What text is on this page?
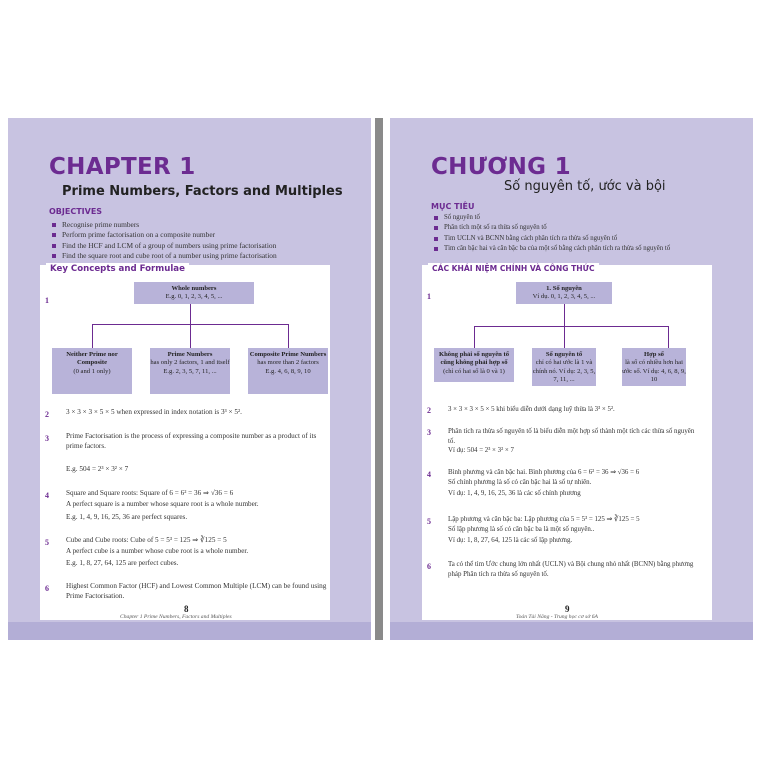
CHAPTER 1
Prime Numbers, Factors and Multiples
OBJECTIVES
Recognise prime numbers
Perform prime factorisation on a composite number
Find the HCF and LCM of a group of numbers using prime factorisation
Find the square root and cube root of a number using prime factorisation
Key Concepts and Formulae
1
Whole numbers
E.g. 0, 1, 2, 3, 4, 5, ...
Neither Prime nor Composite
(0 and 1 only)
Prime Numbers
has only 2 factors, 1 and itself
E.g. 2, 3, 5, 7, 11, ...
Composite Prime Numbers
has more than 2 factors
E.g. 4, 6, 8, 9, 10
2 3 × 3 × 3 × 5 × 5 when expressed in index notation is 3³ × 5².
3 Prime Factorisation is the process of expressing a composite number as a product of its prime factors.
E.g. 504 = 2³ × 3² × 7
4 Square and Square roots: Square of 6 = 6² = 36 ⇒ √36 = 6
A perfect square is a number whose square root is a whole number.
E.g. 1, 4, 9, 16, 25, 36 are perfect squares.
5 Cube and Cube roots: Cube of 5 = 5³ = 125 ⇒ ∛125 = 5
A perfect cube is a number whose cube root is a whole number.
E.g. 1, 8, 27, 64, 125 are perfect cubes.
6 Highest Common Factor (HCF) and Lowest Common Multiple (LCM) can be found using Prime Factorisation.
8
Chapter 1 Prime Numbers, Factors and Multiples
CHƯƠNG 1
Số nguyên tố, ước và bội
MỤC TIÊU
Số nguyên tố
Phân tích một số ra thừa số nguyên tố
Tìm UCLN và BCNN bằng cách phân tích ra thừa số nguyên tố
Tìm căn bậc hai và căn bậc ba của một số bằng cách phân tích ra thừa số nguyên tố
CÁC KHÁI NIỆM CHÍNH VÀ CÔNG THỨC
1
1. Số nguyên
Ví dụ. 0, 1, 2, 3, 4, 5, ...
Không phải số nguyên tố cũng không phải hợp số
(chỉ có hai số là 0 và 1)
Số nguyên tố
chỉ có hai ước là 1 và chính nó. Ví dụ: 2, 3, 5, 7, 11, ...
Hợp số
là số có nhiều hơn hai ước số. Ví dụ: 4, 6, 8, 9, 10
2 3 × 3 × 3 × 5 × 5 khi biểu diễn dưới dạng luỹ thừa là 3³ × 5².
3 Phân tích ra thừa số nguyên tố là biểu diễn một hợp số thành một tích các thừa số nguyên tố.
Ví dụ: 504 = 2³ × 3² × 7
4 Bình phương và căn bậc hai. Bình phương của 6 = 6² = 36 ⇒ √36 = 6
Số chính phương là số có căn bậc hai là số tự nhiên.
Ví dụ: 1, 4, 9, 16, 25, 36 là các số chính phương
5 Lập phương và căn bậc ba: Lập phương của 5 = 5³ = 125 ⇒ ∛125 = 5
Số lập phương là số có căn bậc ba là một số nguyên..
Ví dụ: 1, 8, 27, 64, 125 là các số lập phương.
6 Ta có thể tìm Ước chung lớn nhất (UCLN) và Bội chung nhỏ nhất (BCNN) bằng phương pháp Phân tích ra thừa số nguyên tố.
9
Toán Tài Năng - Trung học cơ sở 6A
